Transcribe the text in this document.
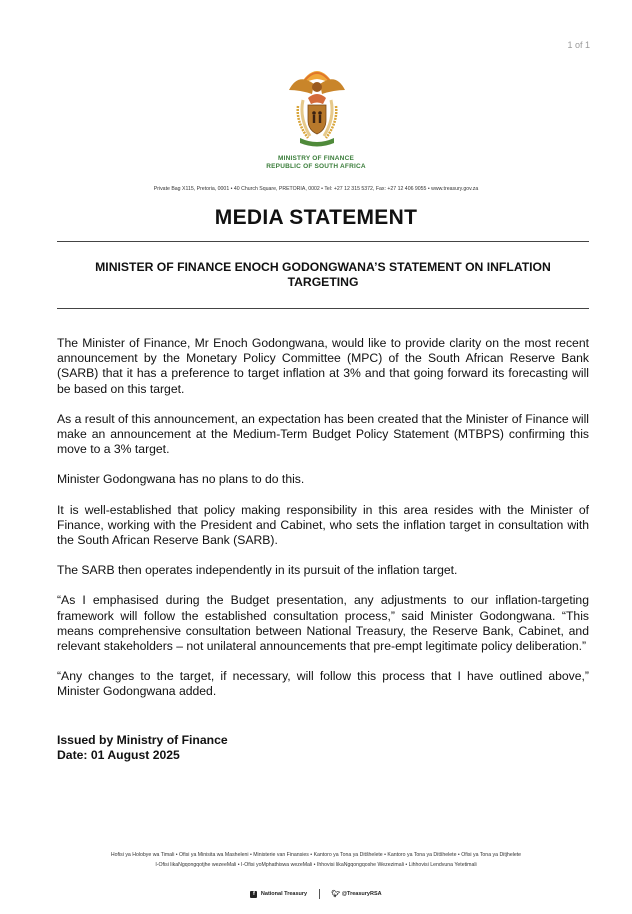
1 of 1
MINISTRY OF FINANCE
REPUBLIC OF SOUTH AFRICA
Private Bag X115, Pretoria, 0001 • 40 Church Square, PRETORIA, 0002 • Tel: +27 12 315 5372, Fax: +27 12 406 9055 • www.treasury.gov.za
MEDIA STATEMENT
MINISTER OF FINANCE ENOCH GODONGWANA’S STATEMENT ON INFLATION
TARGETING

The Minister of Finance, Mr Enoch Godongwana, would like to provide clarity on the most recent announcement by the Monetary Policy Committee (MPC) of the South African Reserve Bank (SARB) that it has a preference to target inflation at 3% and that going forward its forecasting will be based on this target.

As a result of this announcement, an expectation has been created that the Minister of Finance will make an announcement at the Medium-Term Budget Policy Statement (MTBPS) confirming this move to a 3% target.

Minister Godongwana has no plans to do this.

It is well-established that policy making responsibility in this area resides with the Minister of Finance, working with the President and Cabinet, who sets the inflation target in consultation with the South African Reserve Bank (SARB).

The SARB then operates independently in its pursuit of the inflation target.

“As I emphasised during the Budget presentation, any adjustments to our inflation-targeting framework will follow the established consultation process,” said Minister Godongwana. “This means comprehensive consultation between National Treasury, the Reserve Bank, Cabinet, and relevant stakeholders – not unilateral announcements that pre-empt legitimate policy deliberation.”

“Any changes to the target, if necessary, will follow this process that I have outlined above,” Minister Godongwana added.

Issued by Ministry of Finance
Date: 01 August 2025
Hofisi ya Holobye wa Timali • Ofisi ya Minisita wa Masheleni • Ministerie van Finansies • Kantoro ya Tona ya Ditšhelete • Kantoro ya Tona ya Ditšhelete • Ofisi ya Tona ya Ditjhelete
I-Ofisi likaNgqongqotjhe wezeeMali • I-Ofisi yoMphathiswa wezeMali • Ihhovisi likaNgqongqoshe Wezezimali • Lihhovisi Lendvuna Yetetimali
f National Treasury	🐦︎ @TreasuryRSA
